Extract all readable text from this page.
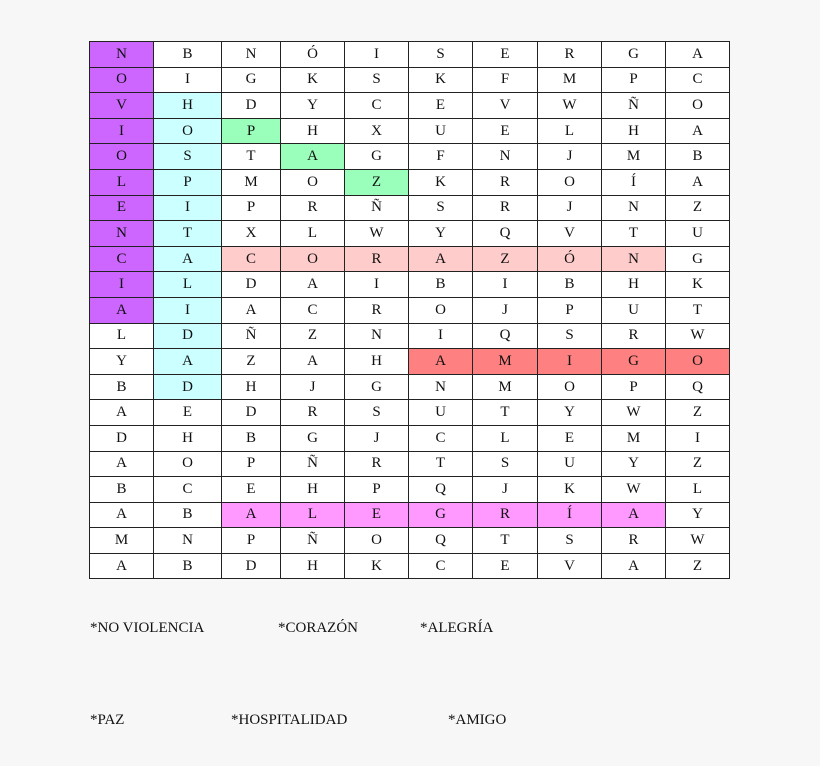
N	B	N	Ó	I	S	E	R	G	A
O	I	G	K	S	K	F	M	P	C
V	H	D	Y	C	E	V	W	Ñ	O
I	O	P	H	X	U	E	L	H	A
O	S	T	A	G	F	N	J	M	B
L	P	M	O	Z	K	R	O	Í	A
E	I	P	R	Ñ	S	R	J	N	Z
N	T	X	L	W	Y	Q	V	T	U
C	A	C	O	R	A	Z	Ó	N	G
I	L	D	A	I	B	I	B	H	K
A	I	A	C	R	O	J	P	U	T
L	D	Ñ	Z	N	I	Q	S	R	W
Y	A	Z	A	H	A	M	I	G	O
B	D	H	J	G	N	M	O	P	Q
A	E	D	R	S	U	T	Y	W	Z
D	H	B	G	J	C	L	E	M	I
A	O	P	Ñ	R	T	S	U	Y	Z
B	C	E	H	P	Q	J	K	W	L
A	B	A	L	E	G	R	Í	A	Y
M	N	P	Ñ	O	Q	T	S	R	W
A	B	D	H	K	C	E	V	A	Z
*NO VIOLENCIA	*CORAZÓN	*ALEGRÍA
*PAZ	*HOSPITALIDAD	*AMIGO
